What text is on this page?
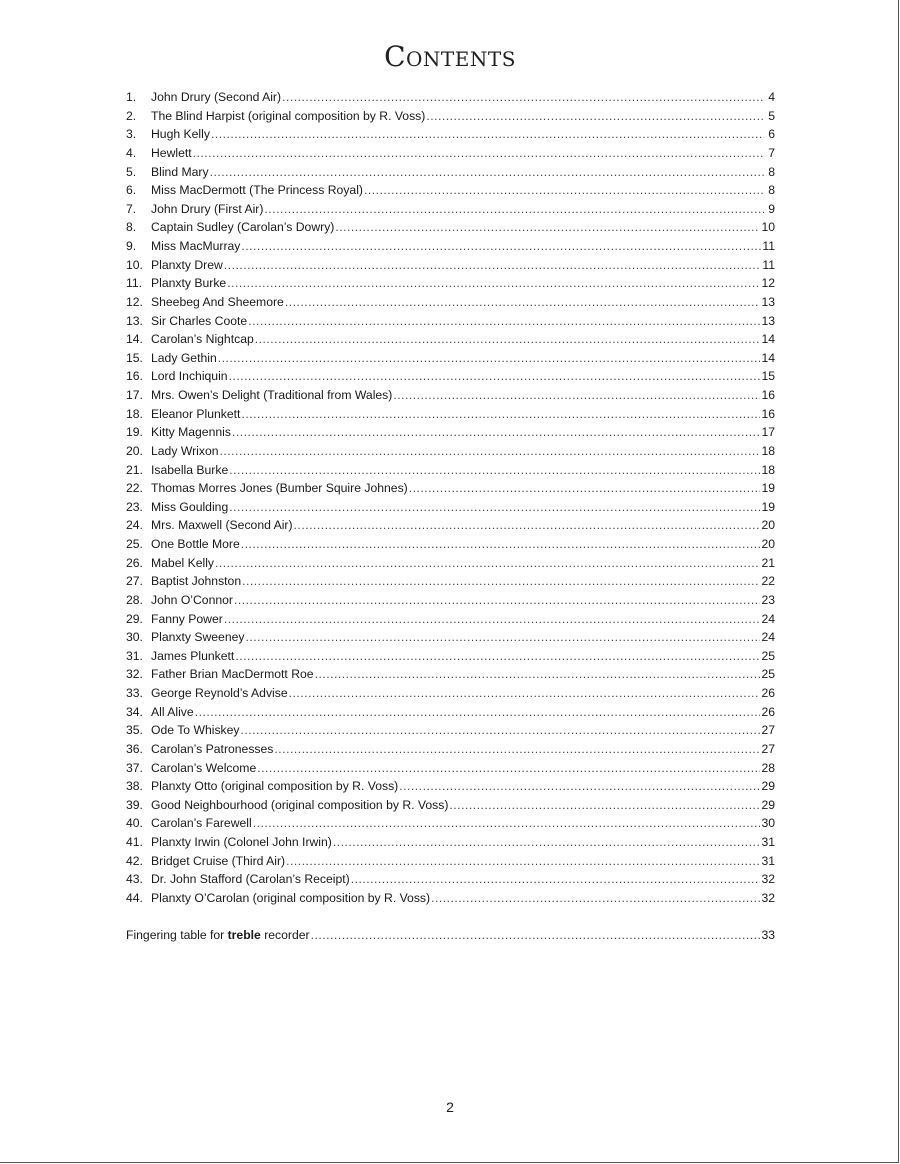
Contents
1.	John Drury (Second Air) .....	4
2.	The Blind Harpist (original composition by R. Voss) .....	5
3.	Hugh Kelly .....	6
4.	Hewlett .....	7
5.	Blind Mary .....	8
6.	Miss MacDermott (The Princess Royal) .....	8
7.	John Drury (First Air) .....	9
8.	Captain Sudley (Carolan’s Dowry) .....	10
9.	Miss MacMurray .....	11
10. Planxty Drew .....	11
11. Planxty Burke .....	12
12. Sheebeg And Sheemore .....	13
13. Sir Charles Coote .....	13
14. Carolan’s Nightcap .....	14
15. Lady Gethin .....	14
16. Lord Inchiquin .....	15
17. Mrs. Owen’s Delight (Traditional from Wales) .....	16
18. Eleanor Plunkett .....	16
19. Kitty Magennis .....	17
20. Lady Wrixon .....	18
21. Isabella Burke .....	18
22. Thomas Morres Jones (Bumber Squire Johnes) .....	19
23. Miss Goulding .....	19
24. Mrs. Maxwell (Second Air) .....	20
25. One Bottle More .....	20
26. Mabel Kelly .....	21
27. Baptist Johnston .....	22
28. John O’Connor .....	23
29. Fanny Power .....	24
30. Planxty Sweeney .....	24
31. James Plunkett .....	25
32. Father Brian MacDermott Roe .....	25
33. George Reynold’s Advise .....	26
34. All Alive .....	26
35. Ode To Whiskey .....	27
36. Carolan’s Patronesses .....	27
37. Carolan’s Welcome .....	28
38. Planxty Otto (original composition by R. Voss) .....	29
39. Good Neighbourhood (original composition by R. Voss) .....	29
40. Carolan’s Farewell .....	30
41. Planxty Irwin (Colonel John Irwin) .....	31
42. Bridget Cruise (Third Air) .....	31
43. Dr. John Stafford (Carolan’s Receipt) .....	32
44. Planxty O’Carolan (original composition by R. Voss) .....	32
Fingering table for treble recorder .....	33
2
